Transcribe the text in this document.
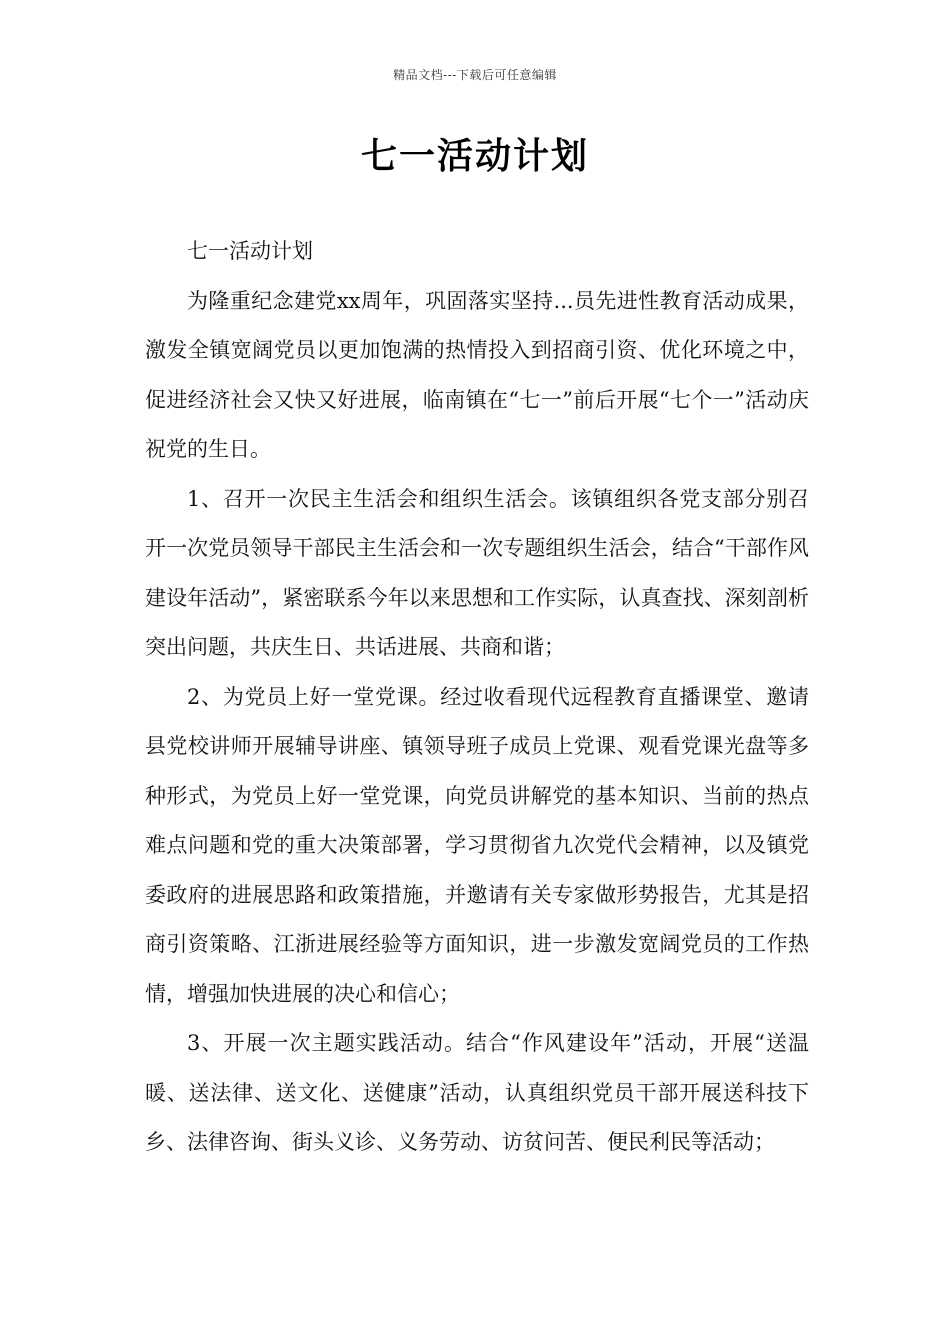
精品文档---下载后可任意编辑
七一活动计划

七一活动计划

为隆重纪念建党xx周年，巩固落实坚持...员先进性教育活动成果，激发全镇宽阔党员以更加饱满的热情投入到招商引资、优化环境之中，促进经济社会又快又好进展，临南镇在“七一”前后开展“七个一”活动庆祝党的生日。

1、召开一次民主生活会和组织生活会。该镇组织各党支部分别召开一次党员领导干部民主生活会和一次专题组织生活会，结合“干部作风建设年活动”，紧密联系今年以来思想和工作实际，认真查找、深刻剖析突出问题，共庆生日、共话进展、共商和谐；

2、为党员上好一堂党课。经过收看现代远程教育直播课堂、邀请县党校讲师开展辅导讲座、镇领导班子成员上党课、观看党课光盘等多种形式，为党员上好一堂党课，向党员讲解党的基本知识、当前的热点难点问题和党的重大决策部署，学习贯彻省九次党代会精神，以及镇党委政府的进展思路和政策措施，并邀请有关专家做形势报告，尤其是招商引资策略、江浙进展经验等方面知识，进一步激发宽阔党员的工作热情，增强加快进展的决心和信心；

3、开展一次主题实践活动。结合“作风建设年”活动，开展“送温暖、送法律、送文化、送健康”活动，认真组织党员干部开展送科技下乡、法律咨询、街头义诊、义务劳动、访贫问苦、便民利民等活动；
